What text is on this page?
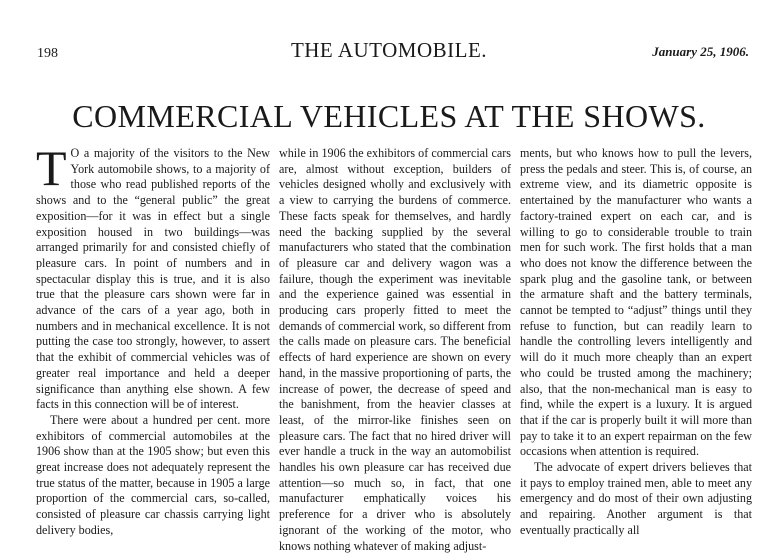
198	THE AUTOMOBILE.	January 25, 1906.
COMMERCIAL VEHICLES AT THE SHOWS.

T O a majority of the visitors to the New York automobile shows, to a majority of those who read published reports of the shows and to the “general public” the great exposition—for it was in effect but a single exposition housed in two buildings—was arranged primarily for and consisted chiefly of pleasure cars. In point of numbers and in spectacular display this is true, and it is also true that the pleasure cars shown were far in advance of the cars of a year ago, both in numbers and in mechanical excellence. It is not putting the case too strongly, however, to assert that the exhibit of commercial vehicles was of greater real importance and held a deeper significance than anything else shown. A few facts in this connection will be of interest.

There were about a hundred per cent. more exhibitors of commercial automobiles at the 1906 show than at the 1905 show; but even this great increase does not adequately represent the true status of the matter, because in 1905 a large proportion of the commercial cars, so-called, consisted of pleasure car chassis carrying light delivery bodies,

while in 1906 the exhibitors of commercial cars are, almost without exception, builders of vehicles designed wholly and exclusively with a view to carrying the burdens of commerce. These facts speak for themselves, and hardly need the backing supplied by the several manufacturers who stated that the combination of pleasure car and delivery wagon was a failure, though the experiment was inevitable and the experience gained was essential in producing cars properly fitted to meet the demands of commercial work, so different from the calls made on pleasure cars. The beneficial effects of hard experience are shown on every hand, in the massive proportioning of parts, the increase of power, the decrease of speed and the banishment, from the heavier classes at least, of the mirror-like finishes seen on pleasure cars. The fact that no hired driver will ever handle a truck in the way an automobilist handles his own pleasure car has received due attention—so much so, in fact, that one manufacturer emphatically voices his preference for a driver who is absolutely ignorant of the working of the motor, who knows nothing whatever of making adjust-

ments, but who knows how to pull the levers, press the pedals and steer. This is, of course, an extreme view, and its diametric opposite is entertained by the manufacturer who wants a factory-trained expert on each car, and is willing to go to considerable trouble to train men for such work. The first holds that a man who does not know the difference between the spark plug and the gasoline tank, or between the armature shaft and the battery terminals, cannot be tempted to “adjust” things until they refuse to function, but can readily learn to handle the controlling levers intelligently and will do it much more cheaply than an expert who could be trusted among the machinery; also, that the non-mechanical man is easy to find, while the expert is a luxury. It is argued that if the car is properly built it will more than pay to take it to an expert repairman on the few occasions when attention is required.

The advocate of expert drivers believes that it pays to employ trained men, able to meet any emergency and do most of their own adjusting and repairing. Another argument is that eventually practically all
